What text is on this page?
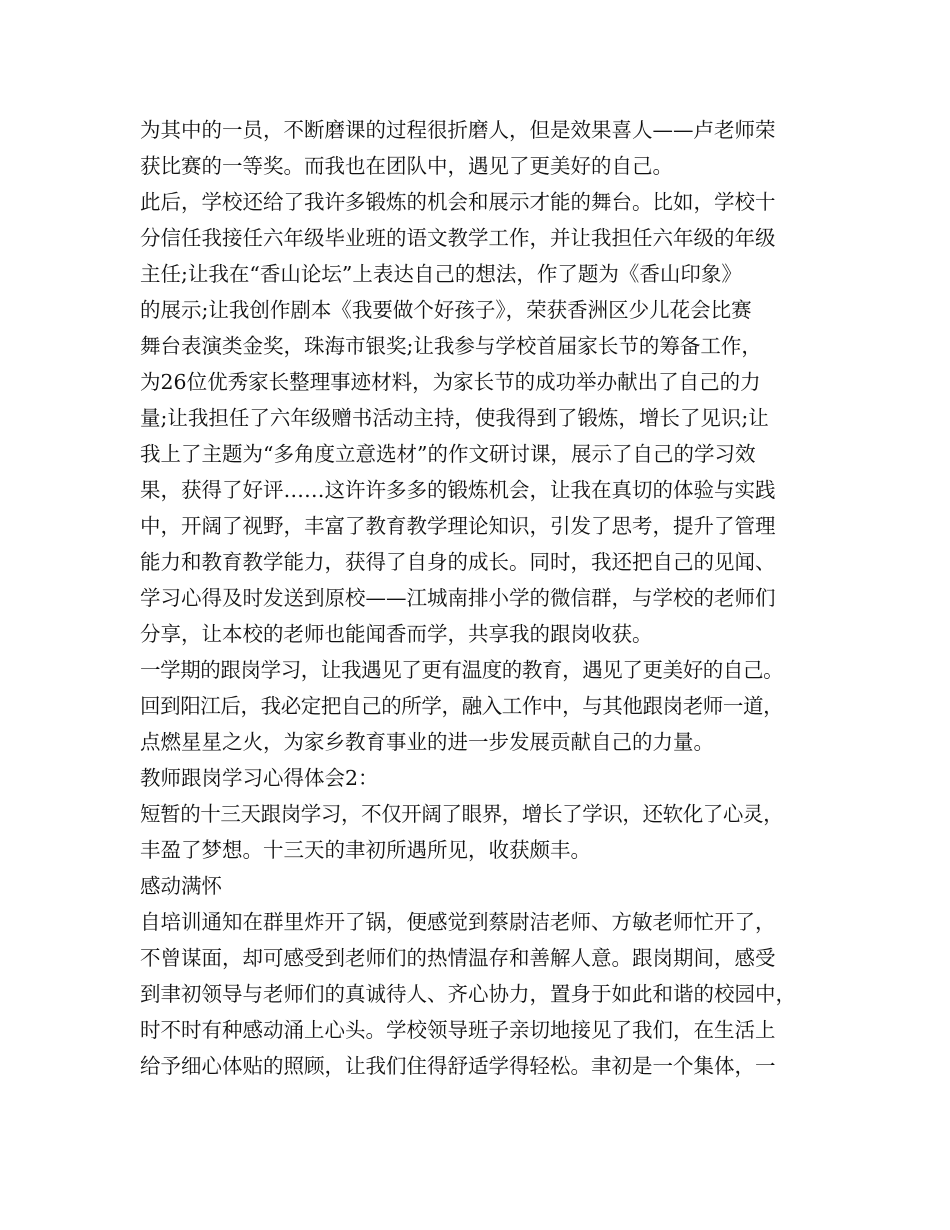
为其中的一员，不断磨课的过程很折磨人，但是效果喜人——卢老师荣
获比赛的一等奖。而我也在团队中，遇见了更美好的自己。
此后，学校还给了我许多锻炼的机会和展示才能的舞台。比如，学校十
分信任我接任六年级毕业班的语文教学工作，并让我担任六年级的年级
主任;让我在“香山论坛”上表达自己的想法，作了题为《香山印象》
的展示;让我创作剧本《我要做个好孩子》，荣获香洲区少儿花会比赛
舞台表演类金奖，珠海市银奖;让我参与学校首届家长节的筹备工作，
为26位优秀家长整理事迹材料，为家长节的成功举办献出了自己的力
量;让我担任了六年级赠书活动主持，使我得到了锻炼，增长了见识;让
我上了主题为“多角度立意选材”的作文研讨课，展示了自己的学习效
果，获得了好评……这许许多多的锻炼机会，让我在真切的体验与实践
中，开阔了视野，丰富了教育教学理论知识，引发了思考，提升了管理
能力和教育教学能力，获得了自身的成长。同时，我还把自己的见闻、
学习心得及时发送到原校——江城南排小学的微信群，与学校的老师们
分享，让本校的老师也能闻香而学，共享我的跟岗收获。
一学期的跟岗学习，让我遇见了更有温度的教育，遇见了更美好的自己。
回到阳江后，我必定把自己的所学，融入工作中，与其他跟岗老师一道，
点燃星星之火，为家乡教育事业的进一步发展贡献自己的力量。
教师跟岗学习心得体会2：
短暂的十三天跟岗学习，不仅开阔了眼界，增长了学识，还软化了心灵，
丰盈了梦想。十三天的聿初所遇所见，收获颇丰。
感动满怀
自培训通知在群里炸开了锅，便感觉到蔡尉洁老师、方敏老师忙开了，
不曾谋面，却可感受到老师们的热情温存和善解人意。跟岗期间，感受
到聿初领导与老师们的真诚待人、齐心协力，置身于如此和谐的校园中，
时不时有种感动涌上心头。学校领导班子亲切地接见了我们，在生活上
给予细心体贴的照顾，让我们住得舒适学得轻松。聿初是一个集体，一
